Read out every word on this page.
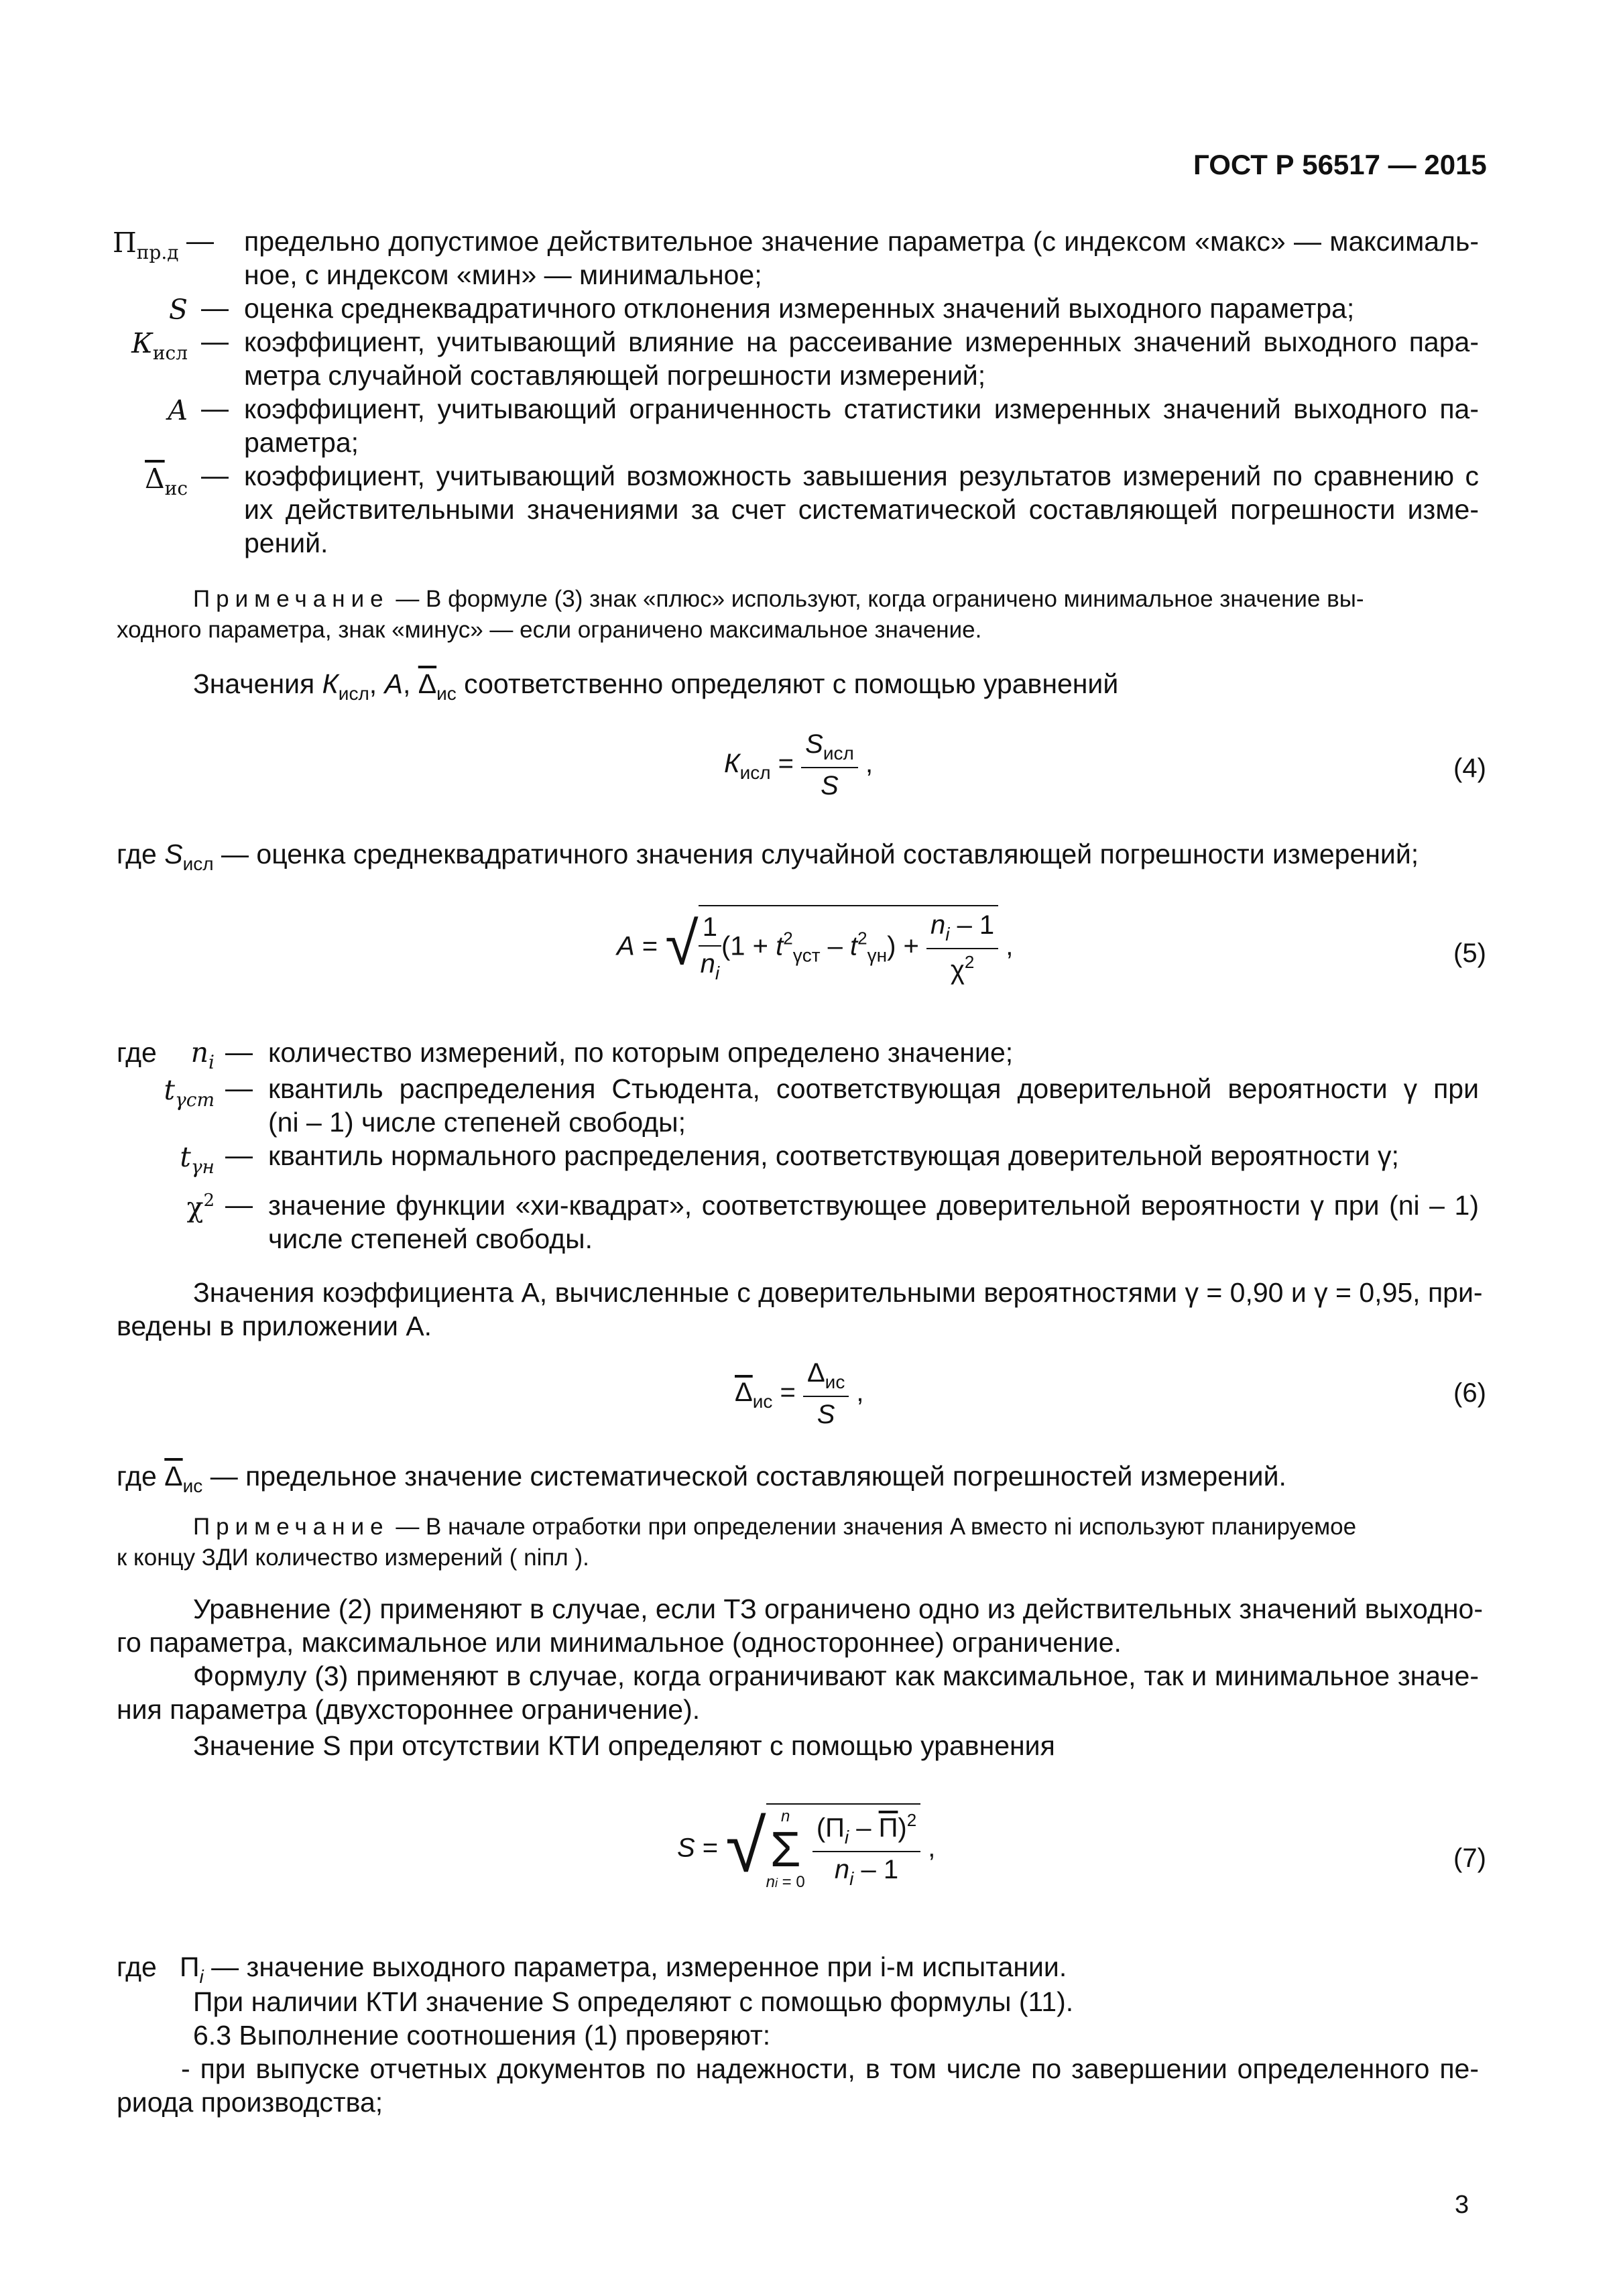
ГОСТ Р 56517 — 2015
$П_{пр.д}$ — предельно допустимое действительное значение параметра (с индексом «макс» — максималь-
ное, с индексом «мин» — минимальное;
S — оценка среднеквадратичного отклонения измеренных значений выходного параметра;
$К_{исл}$ — коэффициент, учитывающий влияние на рассеивание измеренных значений выходного пара-
метра случайной составляющей погрешности измерений;
A — коэффициент, учитывающий ограниченность статистики измеренных значений выходного па-
раметра;
$\overline{\Delta}_{ис}$ — коэффициент, учитывающий возможность завышения результатов измерений по сравнению с
их действительными значениями за счет систематической составляющей погрешности изме-
рений.
Примечание — В формуле (3) знак «плюс» используют, когда ограничено минимальное значение вы-
ходного параметра, знак «минус» — если ограничено максимальное значение.
Значения $К_{исл}$, A, $\overline{\Delta}_{ис}$ соответственно определяют с помощью уравнений
$К_{исл} = \frac{S_{исл}}{S}$ ,	(4)
где $S_{исл}$ — оценка среднеквадратичного значения случайной составляющей погрешности измерений;
A = √ $\frac{1}{n_i} (1 + t^2_{\gamma ст} - t^2_{\gamma н}) + \frac{n_i - 1}{\chi^2}$ ,	(5)
где	$n_i$ — количество измерений, по которым определено значение;
$t_{\gamma ст}$ — квантиль распределения Стьюдента, соответствующая доверительной вероятности γ при
(ni – 1) числе степеней свободы;
$t_{\gamma н}$ — квантиль нормального распределения, соответствующая доверительной вероятности γ;
$\chi^2$ — значение функции «хи-квадрат», соответствующее доверительной вероятности γ при (ni – 1)
числе степеней свободы.
Значения коэффициента A, вычисленные с доверительными вероятностями γ = 0,90 и γ = 0,95, при-
ведены в приложении А.
$\overline{\Delta}_{ис} = \frac{\Delta_{ис}}{S}$ ,	(6)
где $\overline{\Delta}_{ис}$ — предельное значение систематической составляющей погрешностей измерений.
Примечание — В начале отработки при определении значения A вместо ni используют планируемое
к концу ЗДИ количество измерений ( niпл ).
Уравнение (2) применяют в случае, если ТЗ ограничено одно из действительных значений выходно-
го параметра, максимальное или минимальное (одностороннее) ограничение.
Формулу (3) применяют в случае, когда ограничивают как максимальное, так и минимальное значе-
ния параметра (двухстороннее ограничение).
Значение S при отсутствии КТИ определяют с помощью уравнения
S = √ n
Σ
ni = 0
$\frac{(П_i - П)^2}{n_i - 1}$ ,	(7)
где   $П_i$ — значение выходного параметра, измеренное при i-м испытании.
При наличии КТИ значение S определяют с помощью формулы (11).
6.3 Выполнение соотношения (1) проверяют:
- при выпуске отчетных документов по надежности, в том числе по завершении определенного пе-
риода производства;
3
